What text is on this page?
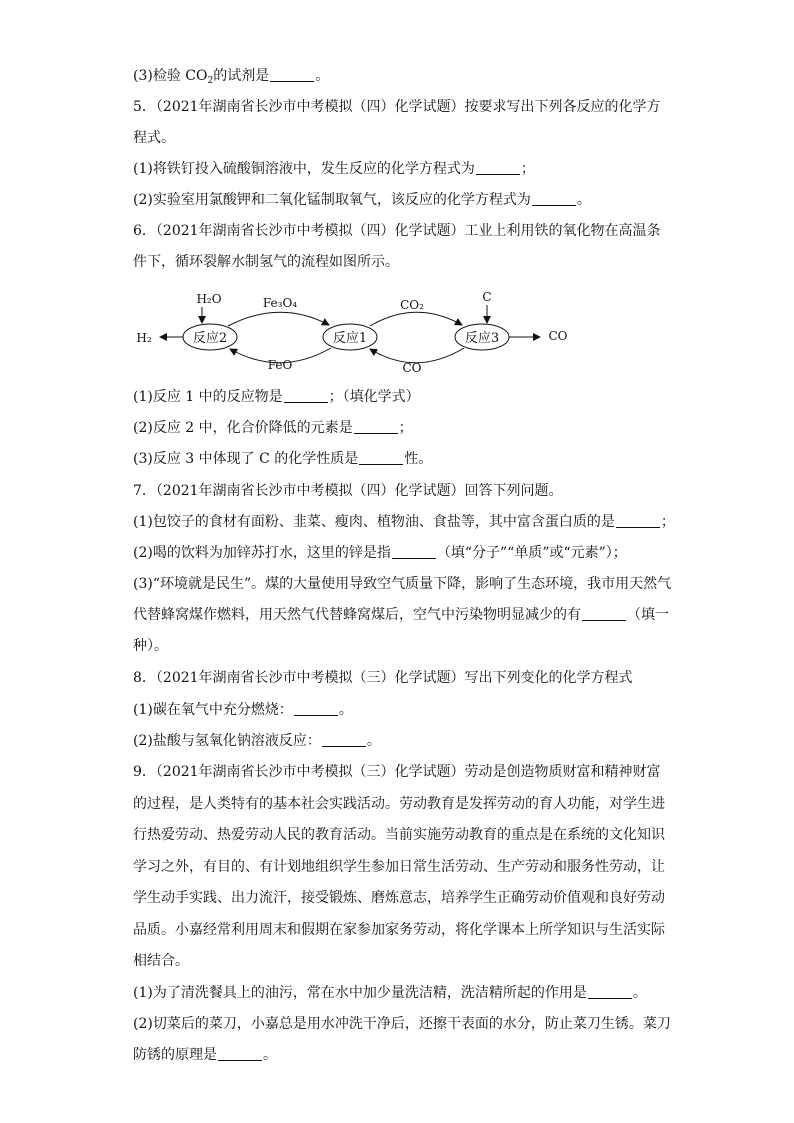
(3)检验 $CO_2$的试剂是	。
5．（2021年湖南省长沙市中考模拟（四）化学试题）按要求写出下列各反应的化学方
程式。
(1)将铁钉投入硫酸铜溶液中，发生反应的化学方程式为	；
(2)实验室用氯酸钾和二氧化锰制取氧气，该反应的化学方程式为	。
6．（2021年湖南省长沙市中考模拟（四）化学试题）工业上利用铁的氧化物在高温条
件下，循环裂解水制氢气的流程如图所示。
反应2	反应1	反应3
H₂O
H₂
Fe₃O₄
FeO
CO₂
CO
C
CO
(1)反应 1 中的反应物是	；（填化学式）
(2)反应 2 中，化合价降低的元素是	；
(3)反应 3 中体现了 C 的化学性质是	性。
7．（2021年湖南省长沙市中考模拟（四）化学试题）回答下列问题。
(1)包饺子的食材有面粉、韭菜、瘦肉、植物油、食盐等，其中富含蛋白质的是	；
(2)喝的饮料为加锌苏打水，这里的锌是指	（填“分子”“单质”或“元素”）；
(3)“环境就是民生”。煤的大量使用导致空气质量下降，影响了生态环境，我市用天然气
代替蜂窝煤作燃料，用天然气代替蜂窝煤后，空气中污染物明显减少的有	（填一
种）。
8．（2021年湖南省长沙市中考模拟（三）化学试题）写出下列变化的化学方程式
(1)碳在氧气中充分燃烧：	。
(2)盐酸与氢氧化钠溶液反应：	。
9．（2021年湖南省长沙市中考模拟（三）化学试题）劳动是创造物质财富和精神财富
的过程，是人类特有的基本社会实践活动。劳动教育是发挥劳动的育人功能，对学生进
行热爱劳动、热爱劳动人民的教育活动。当前实施劳动教育的重点是在系统的文化知识
学习之外，有目的、有计划地组织学生参加日常生活劳动、生产劳动和服务性劳动，让
学生动手实践、出力流汗，接受锻炼、磨炼意志，培养学生正确劳动价值观和良好劳动
品质。小嘉经常利用周末和假期在家参加家务劳动，将化学课本上所学知识与生活实际
相结合。
(1)为了清洗餐具上的油污，常在水中加少量洗洁精，洗洁精所起的作用是	。
(2)切菜后的菜刀，小嘉总是用水冲洗干净后，还擦干表面的水分，防止菜刀生锈。菜刀
防锈的原理是	。
